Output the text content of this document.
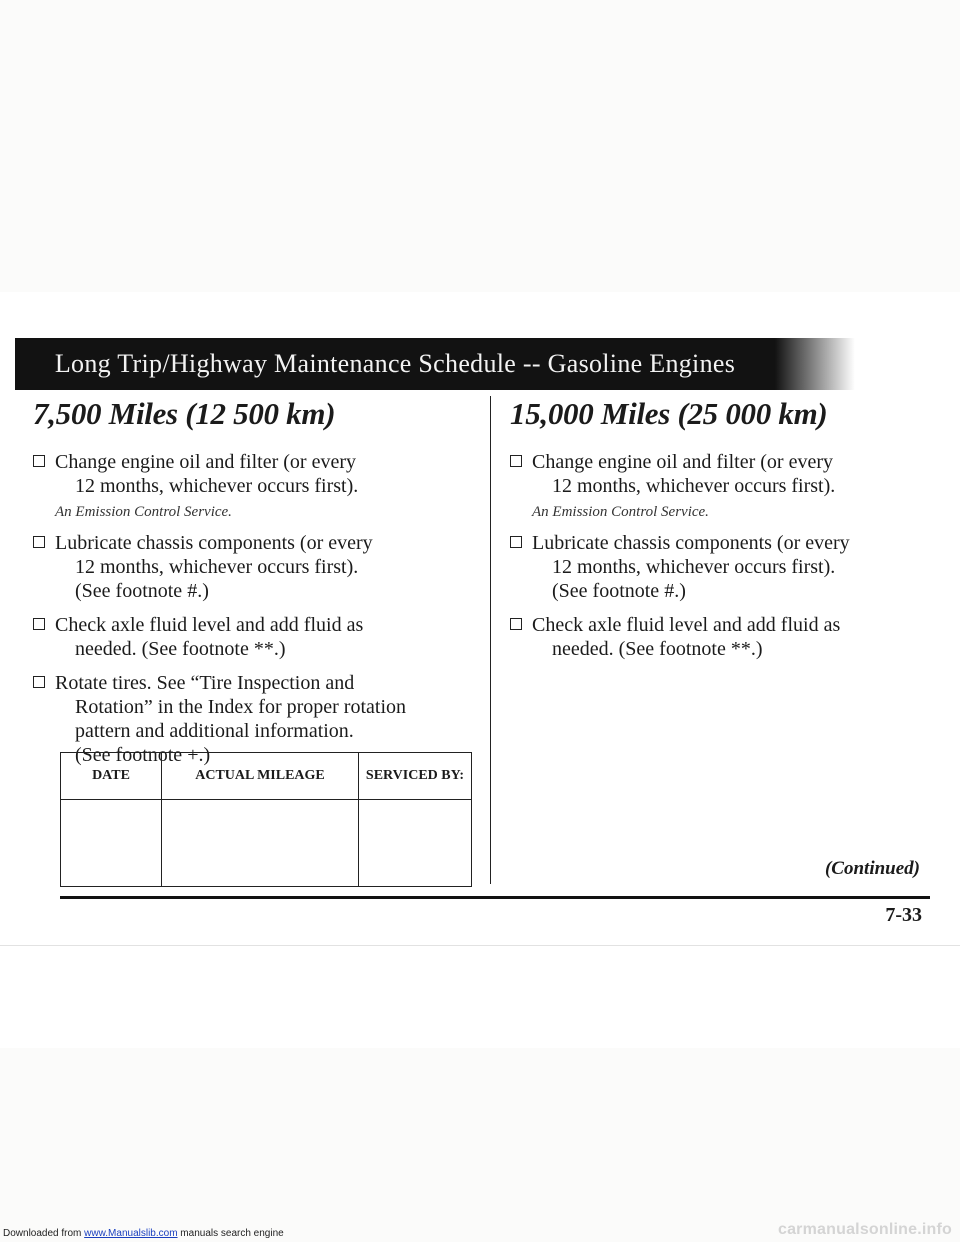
Long Trip/Highway Maintenance Schedule -- Gasoline Engines
7,500 Miles (12 500 km)
Change engine oil and filter (or every
12 months, whichever occurs first).
An Emission Control Service.
Lubricate chassis components (or every
12 months, whichever occurs first).
(See footnote #.)
Check axle fluid level and add fluid as
needed. (See footnote **.)
Rotate tires. See “Tire Inspection and
Rotation” in the Index for proper rotation
pattern and additional information.
(See footnote +.)
DATE	ACTUAL MILEAGE	SERVICED BY:

15,000 Miles (25 000 km)
Change engine oil and filter (or every
12 months, whichever occurs first).
An Emission Control Service.
Lubricate chassis components (or every
12 months, whichever occurs first).
(See footnote #.)
Check axle fluid level and add fluid as
needed. (See footnote **.)
(Continued)
7-33
Downloaded from www.Manualslib.com manuals search engine	carmanualsonline.info
